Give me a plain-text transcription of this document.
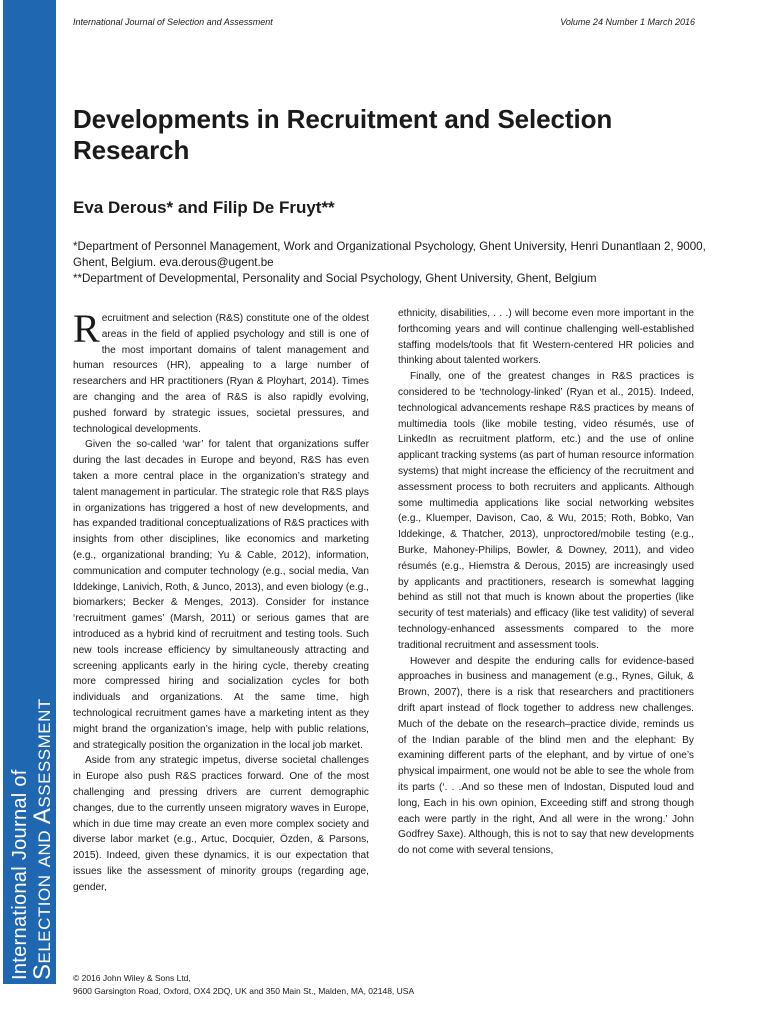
International Journal of
Selection and Assessment
International Journal of Selection and Assessment	Volume 24 Number 1 March 2016
Developments in Recruitment and Selection Research
Eva Derous* and Filip De Fruyt**
*Department of Personnel Management, Work and Organizational Psychology, Ghent University, Henri Dunantlaan 2, 9000, Ghent, Belgium. eva.derous@ugent.be
**Department of Developmental, Personality and Social Psychology, Ghent University, Ghent, Belgium

Recruitment and selection (R&S) constitute one of the oldest areas in the field of applied psychology and still is one of the most important domains of talent management and human resources (HR), appealing to a large number of researchers and HR practitioners (Ryan & Ployhart, 2014). Times are changing and the area of R&S is also rapidly evolving, pushed forward by strategic issues, societal pressures, and technological developments.

Given the so-called ‘war’ for talent that organizations suffer during the last decades in Europe and beyond, R&S has even taken a more central place in the organization’s strategy and talent management in particular. The strategic role that R&S plays in organizations has triggered a host of new developments, and has expanded traditional conceptualizations of R&S practices with insights from other disciplines, like economics and marketing (e.g., organizational branding; Yu & Cable, 2012), information, communication and computer technology (e.g., social media, Van Iddekinge, Lanivich, Roth, & Junco, 2013), and even biology (e.g., biomarkers; Becker & Menges, 2013). Consider for instance ‘recruitment games’ (Marsh, 2011) or serious games that are introduced as a hybrid kind of recruitment and testing tools. Such new tools increase efficiency by simultaneously attracting and screening applicants early in the hiring cycle, thereby creating more compressed hiring and socialization cycles for both individuals and organizations. At the same time, high technological recruitment games have a marketing intent as they might brand the organization’s image, help with public relations, and strategically position the organization in the local job market.

Aside from any strategic impetus, diverse societal challenges in Europe also push R&S practices forward. One of the most challenging and pressing drivers are current demographic changes, due to the currently unseen migratory waves in Europe, which in due time may create an even more complex society and diverse labor market (e.g., Artuc, Docquier, Özden, & Parsons, 2015). Indeed, given these dynamics, it is our expectation that issues like the assessment of minority groups (regarding age, gender,

ethnicity, disabilities, . . .) will become even more important in the forthcoming years and will continue challenging well-established staffing models/tools that fit Western-centered HR policies and thinking about talented workers.

Finally, one of the greatest changes in R&S practices is considered to be ‘technology-linked’ (Ryan et al., 2015). Indeed, technological advancements reshape R&S practices by means of multimedia tools (like mobile testing, video résumés, use of LinkedIn as recruitment platform, etc.) and the use of online applicant tracking systems (as part of human resource information systems) that might increase the efficiency of the recruitment and assessment process to both recruiters and applicants. Although some multimedia applications like social networking websites (e.g., Kluemper, Davison, Cao, & Wu, 2015; Roth, Bobko, Van Iddekinge, & Thatcher, 2013), unproctored/mobile testing (e.g., Burke, Mahoney-Philips, Bowler, & Downey, 2011), and video résumés (e.g., Hiemstra & Derous, 2015) are increasingly used by applicants and practitioners, research is somewhat lagging behind as still not that much is known about the properties (like security of test materials) and efficacy (like test validity) of several technology-enhanced assessments compared to the more traditional recruitment and assessment tools.

However and despite the enduring calls for evidence-based approaches in business and management (e.g., Rynes, Giluk, & Brown, 2007), there is a risk that researchers and practitioners drift apart instead of flock together to address new challenges. Much of the debate on the research–practice divide, reminds us of the Indian parable of the blind men and the elephant: By examining different parts of the elephant, and by virtue of one’s physical impairment, one would not be able to see the whole from its parts (‘. . .And so these men of Indostan, Disputed loud and long, Each in his own opinion, Exceeding stiff and strong though each were partly in the right, And all were in the wrong.’ John Godfrey Saxe). Although, this is not to say that new developments do not come with several tensions,

© 2016 John Wiley & Sons Ltd,
9600 Garsington Road, Oxford, OX4 2DQ, UK and 350 Main St., Malden, MA, 02148, USA
